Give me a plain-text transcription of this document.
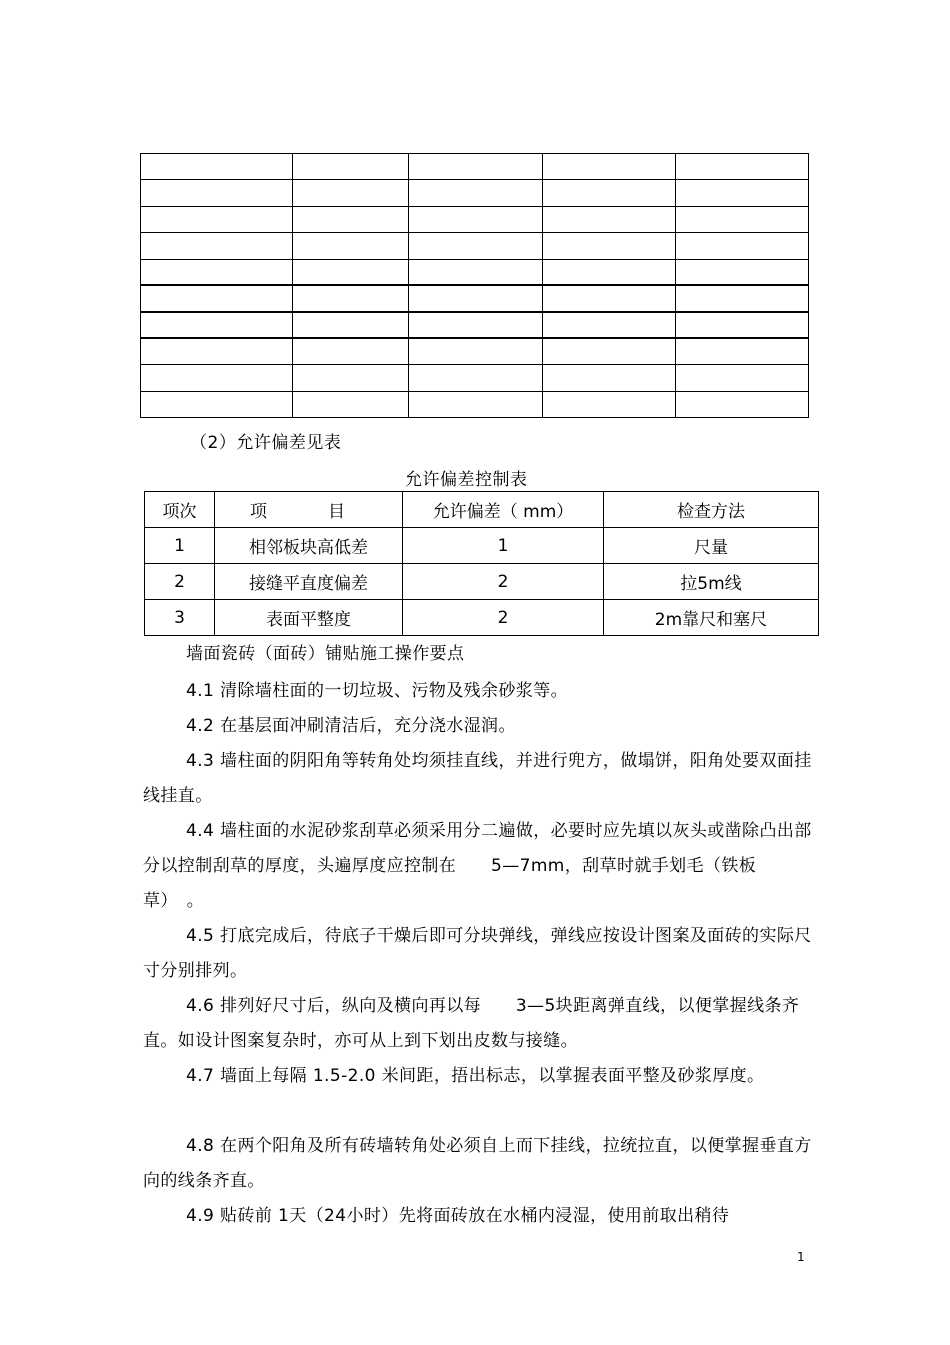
（2）允许偏差见表
允许偏差控制表
项次	项　目	允许偏差（ mm）	检查方法
1	相邻板块高低差	1	尺量
2	接缝平直度偏差	2	拉5m线
3	表面平整度	2	2m靠尺和塞尺
墙面瓷砖（面砖）铺贴施工操作要点
4.1 清除墙柱面的一切垃圾、污物及残余砂浆等。
4.2 在基层面冲刷清洁后，充分浇水湿润。
4.3 墙柱面的阴阳角等转角处均须挂直线，并进行兜方，做塌饼，阳角处要双面挂线挂直。
4.4 墙柱面的水泥砂浆刮草必须采用分二遍做，必要时应先填以灰头或凿除凸出部分以控制刮草的厚度，头遍厚度应控制在　　5—7mm，刮草时就手划毛（铁板草）　。
4.5 打底完成后，待底子干燥后即可分块弹线，弹线应按设计图案及面砖的实际尺寸分别排列。
4.6 排列好尺寸后，纵向及横向再以每　　3—5块距离弹直线，以便掌握线条齐直。如设计图案复杂时，亦可从上到下划出皮数与接缝。
4.7 墙面上每隔 1.5-2.0 米间距，捂出标志，以掌握表面平整及砂浆厚度。
4.8 在两个阳角及所有砖墙转角处必须自上而下挂线，拉统拉直，以便掌握垂直方向的线条齐直。
4.9 贴砖前 1天（24小时）先将面砖放在水桶内浸湿，使用前取出稍待
1
